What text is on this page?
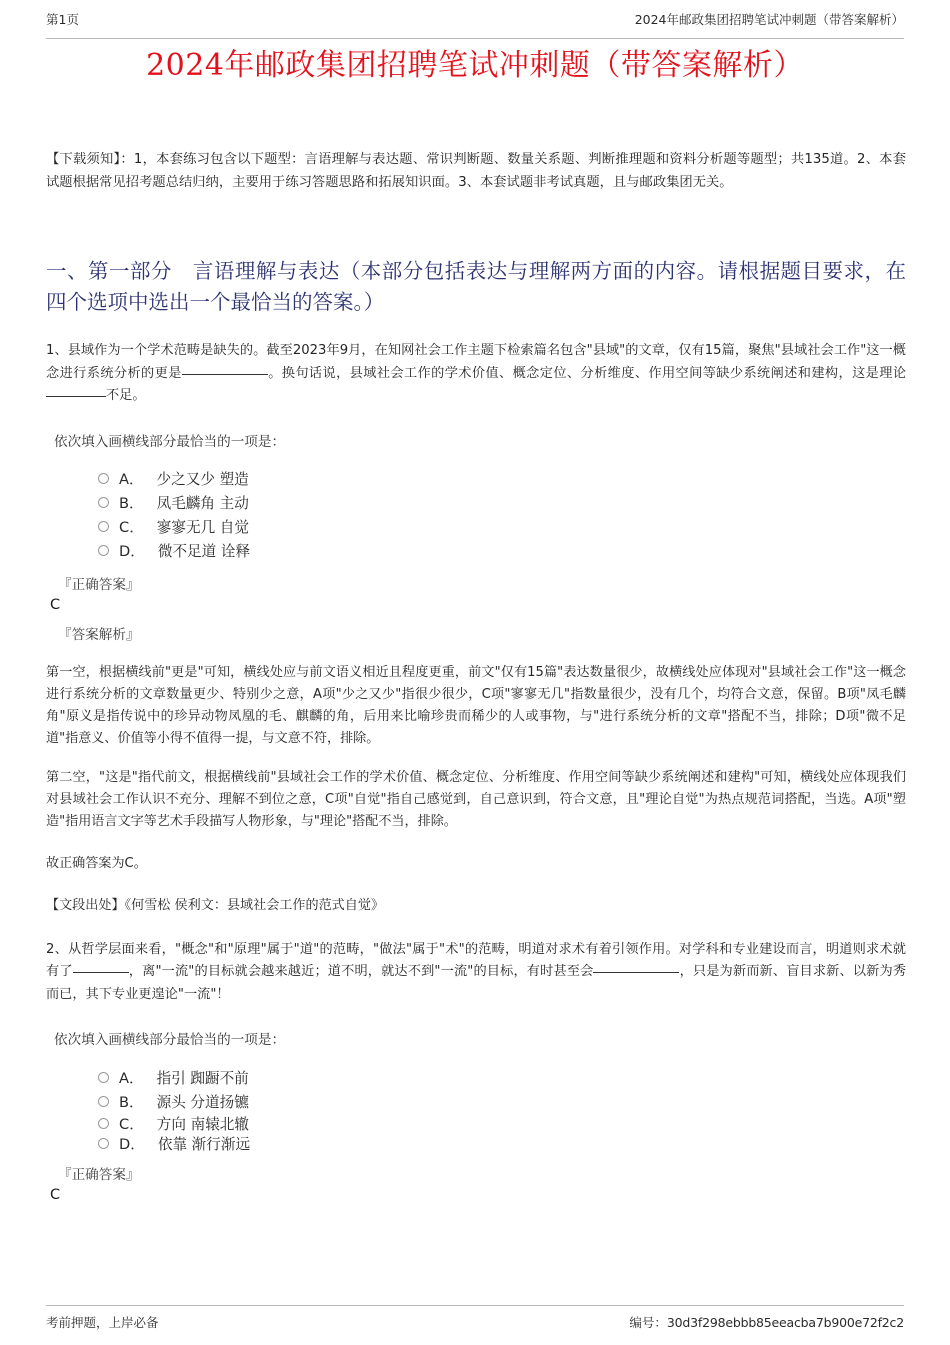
第1页	2024年邮政集团招聘笔试冲刺题（带答案解析）
2024年邮政集团招聘笔试冲刺题（带答案解析）

【下载须知】：1，本套练习包含以下题型：言语理解与表达题、常识判断题、数量关系题、判断推理题和资料分析题等题型；共135道。2、本套试题根据常见招考题总结归纳，主要用于练习答题思路和拓展知识面。3、本套试题非考试真题，且与邮政集团无关。

一、第一部分　言语理解与表达（本部分包括表达与理解两方面的内容。请根据题目要求，在四个选项中选出一个最恰当的答案。）

1、县域作为一个学术范畴是缺失的。截至2023年9月，在知网社会工作主题下检索篇名包含"县域"的文章，仅有15篇，聚焦"县域社会工作"这一概念进行系统分析的更是	。换句话说，县域社会工作的学术价值、概念定位、分析维度、作用空间等缺少系统阐述和建构，这是理论不足。

依次填入画横线部分最恰当的一项是：

A． 少之又少 塑造
B． 凤毛麟角 主动
C． 寥寥无几 自觉
D． 微不足道 诠释

『正确答案』

C

『答案解析』

第一空，根据横线前"更是"可知，横线处应与前文语义相近且程度更重，前文"仅有15篇"表达数量很少，故横线处应体现对"县域社会工作"这一概念进行系统分析的文章数量更少、特别少之意，A项"少之又少"指很少很少，C项"寥寥无几"指数量很少，没有几个，均符合文意，保留。B项"凤毛麟角"原义是指传说中的珍异动物凤凰的毛、麒麟的角，后用来比喻珍贵而稀少的人或事物，与"进行系统分析的文章"搭配不当，排除；D项"微不足道"指意义、价值等小得不值得一提，与文意不符，排除。

第二空，"这是"指代前文，根据横线前"县域社会工作的学术价值、概念定位、分析维度、作用空间等缺少系统阐述和建构"可知，横线处应体现我们对县域社会工作认识不充分、理解不到位之意，C项"自觉"指自己感觉到，自己意识到，符合文意，且"理论自觉"为热点规范词搭配，当选。A项"塑造"指用语言文字等艺术手段描写人物形象，与"理论"搭配不当，排除。

故正确答案为C。

【文段出处】《何雪松 侯利文：县域社会工作的范式自觉》

2、从哲学层面来看，"概念"和"原理"属于"道"的范畴，"做法"属于"术"的范畴，明道对求术有着引领作用。对学科和专业建设而言，明道则求术就有了	，离"一流"的目标就会越来越近；道不明，就达不到"一流"的目标，有时甚至会	，只是为新而新、盲目求新、以新为秀而已，其下专业更遑论"一流"！

依次填入画横线部分最恰当的一项是：

A． 指引 踟蹰不前
B． 源头 分道扬镳
C． 方向 南辕北辙
D． 依靠 渐行渐远

『正确答案』

C

考前押题，上岸必备	编号：30d3f298ebbb85eeacba7b900e72f2c2
